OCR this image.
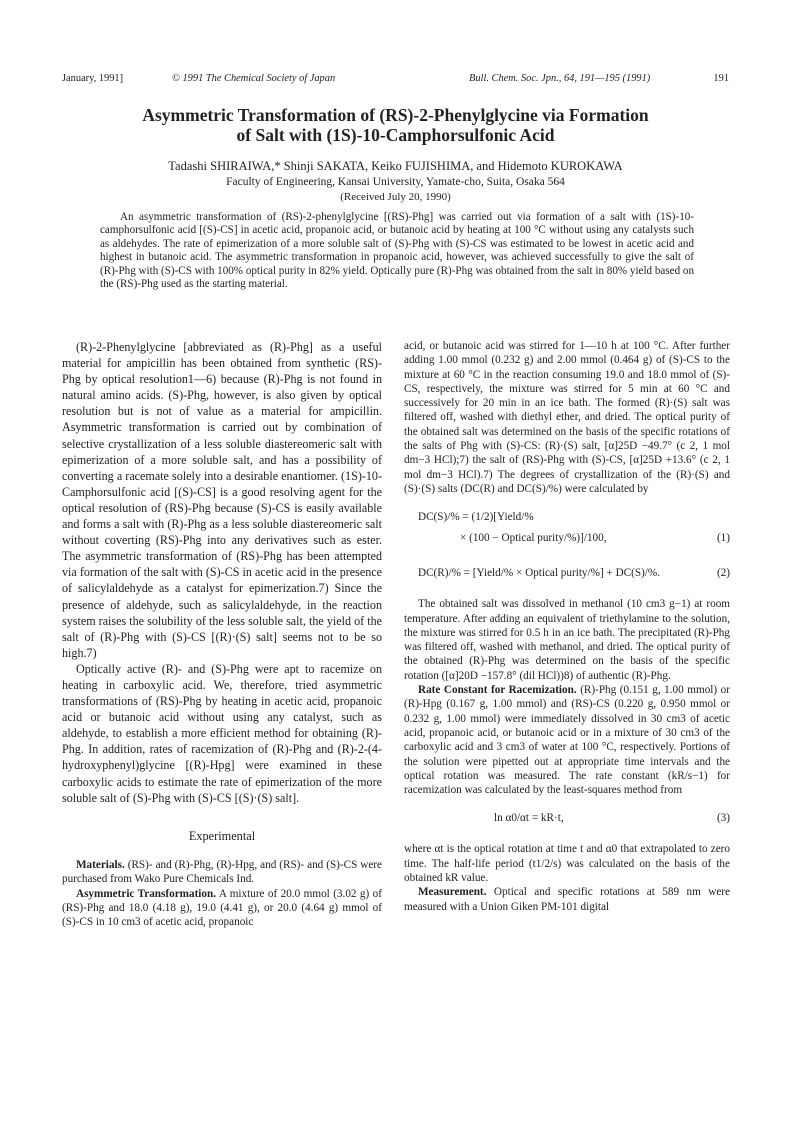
January, 1991]	© 1991 The Chemical Society of Japan	Bull. Chem. Soc. Jpn., 64, 191—195 (1991)	191
Asymmetric Transformation of (RS)-2-Phenylglycine via Formation
of Salt with (1S)-10-Camphorsulfonic Acid
Tadashi SHIRAIWA,* Shinji SAKATA, Keiko FUJISHIMA, and Hidemoto KUROKAWA
Faculty of Engineering, Kansai University, Yamate-cho, Suita, Osaka 564
(Received July 20, 1990)

An asymmetric transformation of (RS)-2-phenylglycine [(RS)-Phg] was carried out via formation of a salt with (1S)-10-camphorsulfonic acid [(S)-CS] in acetic acid, propanoic acid, or butanoic acid by heating at 100 °C without using any catalysts such as aldehydes. The rate of epimerization of a more soluble salt of (S)-Phg with (S)-CS was estimated to be lowest in acetic acid and highest in butanoic acid. The asymmetric transformation in propanoic acid, however, was achieved successfully to give the salt of (R)-Phg with (S)-CS with 100% optical purity in 82% yield. Optically pure (R)-Phg was obtained from the salt in 80% yield based on the (RS)-Phg used as the starting material.

(R)-2-Phenylglycine [abbreviated as (R)-Phg] as a useful material for ampicillin has been obtained from synthetic (RS)-Phg by optical resolution1—6) because (R)-Phg is not found in natural amino acids. (S)-Phg, however, is also given by optical resolution but is not of value as a material for ampicillin. Asymmetric transformation is carried out by combination of selective crystallization of a less soluble diastereomeric salt with epimerization of a more soluble salt, and has a possibility of converting a racemate solely into a desirable enantiomer. (1S)-10-Camphorsulfonic acid [(S)-CS] is a good resolving agent for the optical resolution of (RS)-Phg because (S)-CS is easily available and forms a salt with (R)-Phg as a less soluble diastereomeric salt without coverting (RS)-Phg into any derivatives such as ester. The asymmetric transformation of (RS)-Phg has been attempted via formation of the salt with (S)-CS in acetic acid in the presence of salicylaldehyde as a catalyst for epimerization.7) Since the presence of aldehyde, such as salicylaldehyde, in the reaction system raises the solubility of the less soluble salt, the yield of the salt of (R)-Phg with (S)-CS [(R)·(S) salt] seems not to be so high.7)

Optically active (R)- and (S)-Phg were apt to racemize on heating in carboxylic acid. We, therefore, tried asymmetric transformations of (RS)-Phg by heating in acetic acid, propanoic acid or butanoic acid without using any catalyst, such as aldehyde, to establish a more efficient method for obtaining (R)-Phg. In addition, rates of racemization of (R)-Phg and (R)-2-(4-hydroxyphenyl)glycine [(R)-Hpg] were examined in these carboxylic acids to estimate the rate of epimerization of the more soluble salt of (S)-Phg with (S)-CS [(S)·(S) salt].

Experimental

Materials. (RS)- and (R)-Phg, (R)-Hpg, and (RS)- and (S)-CS were purchased from Wako Pure Chemicals Ind.

Asymmetric Transformation. A mixture of 20.0 mmol (3.02 g) of (RS)-Phg and 18.0 (4.18 g), 19.0 (4.41 g), or 20.0 (4.64 g) mmol of (S)-CS in 10 cm3 of acetic acid, propanoic

acid, or butanoic acid was stirred for 1—10 h at 100 °C. After further adding 1.00 mmol (0.232 g) and 2.00 mmol (0.464 g) of (S)-CS to the mixture at 60 °C in the reaction consuming 19.0 and 18.0 mmol of (S)-CS, respectively, the mixture was stirred for 5 min at 60 °C and successively for 20 min in an ice bath. The formed (R)·(S) salt was filtered off, washed with diethyl ether, and dried. The optical purity of the obtained salt was determined on the basis of the specific rotations of the salts of Phg with (S)-CS: (R)·(S) salt, [α]25D −49.7° (c 2, 1 mol dm−3 HCl);7) the salt of (RS)-Phg with (S)-CS, [α]25D +13.6° (c 2, 1 mol dm−3 HCl).7) The degrees of crystallization of the (R)·(S) and (S)·(S) salts (DC(R) and DC(S)/%) were calculated by

DC(S)/% = (1/2)[Yield/%
× (100 − Optical purity/%)]/100,	(1)
DC(R)/% = [Yield/% × Optical purity/%] + DC(S)/%.	(2)

The obtained salt was dissolved in methanol (10 cm3 g−1) at room temperature. After adding an equivalent of triethylamine to the solution, the mixture was stirred for 0.5 h in an ice bath. The precipitated (R)-Phg was filtered off, washed with methanol, and dried. The optical purity of the obtained (R)-Phg was determined on the basis of the specific rotation ([α]20D −157.8° (dil HCl))8) of authentic (R)-Phg.

Rate Constant for Racemization. (R)-Phg (0.151 g, 1.00 mmol) or (R)-Hpg (0.167 g, 1.00 mmol) and (RS)-CS (0.220 g, 0.950 mmol or 0.232 g, 1.00 mmol) were immediately dissolved in 30 cm3 of acetic acid, propanoic acid, or butanoic acid or in a mixture of 30 cm3 of the carboxylic acid and 3 cm3 of water at 100 °C, respectively. Portions of the solution were pipetted out at appropriate time intervals and the optical rotation was measured. The rate constant (kR/s−1) for racemization was calculated by the least-squares method from

ln α0/αt = kR·t,	(3)

where αt is the optical rotation at time t and α0 that extrapolated to zero time. The half-life period (t1/2/s) was calculated on the basis of the obtained kR value.

Measurement. Optical and specific rotations at 589 nm were measured with a Union Giken PM-101 digital
